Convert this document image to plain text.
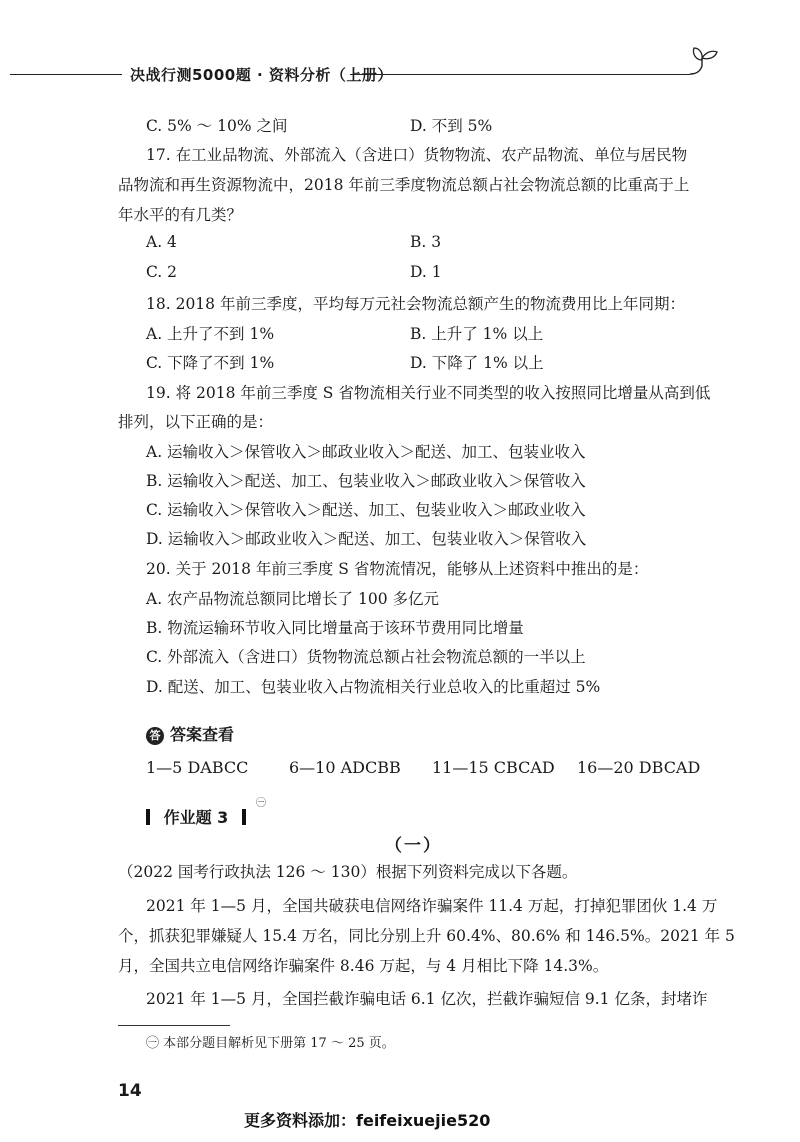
决战行测5000题 · 资料分析（上册）
C. 5% ～ 10% 之间	D. 不到 5%
17. 在工业品物流、外部流入（含进口）货物物流、农产品物流、单位与居民物
品物流和再生资源物流中，2018 年前三季度物流总额占社会物流总额的比重高于上
年水平的有几类？
A. 4	B. 3
C. 2	D. 1
18. 2018 年前三季度，平均每万元社会物流总额产生的物流费用比上年同期：
A. 上升了不到 1%	B. 上升了 1% 以上
C. 下降了不到 1%	D. 下降了 1% 以上
19. 将 2018 年前三季度 S 省物流相关行业不同类型的收入按照同比增量从高到低
排列，以下正确的是：
A. 运输收入＞保管收入＞邮政业收入＞配送、加工、包装业收入
B. 运输收入＞配送、加工、包装业收入＞邮政业收入＞保管收入
C. 运输收入＞保管收入＞配送、加工、包装业收入＞邮政业收入
D. 运输收入＞邮政业收入＞配送、加工、包装业收入＞保管收入
20. 关于 2018 年前三季度 S 省物流情况，能够从上述资料中推出的是：
A. 农产品物流总额同比增长了 100 多亿元
B. 物流运输环节收入同比增量高于该环节费用同比增量
C. 外部流入（含进口）货物物流总额占社会物流总额的一半以上
D. 配送、加工、包装业收入占物流相关行业总收入的比重超过 5%
答 答案查看
1—5 DABCC	6—10 ADCBB 11—15 CBCAD 16—20 DBCAD
作业题 3
㊀
（一）
（2022 国考行政执法 126 ～ 130）根据下列资料完成以下各题。
2021 年 1—5 月，全国共破获电信网络诈骗案件 11.4 万起，打掉犯罪团伙 1.4 万
个，抓获犯罪嫌疑人 15.4 万名，同比分别上升 60.4%、80.6% 和 146.5%。2021 年 5
月，全国共立电信网络诈骗案件 8.46 万起，与 4 月相比下降 14.3%。
2021 年 1—5 月，全国拦截诈骗电话 6.1 亿次，拦截诈骗短信 9.1 亿条，封堵诈
㊀ 本部分题目解析见下册第 17 ～ 25 页。
14
更多资料添加：feifeixuejie520
